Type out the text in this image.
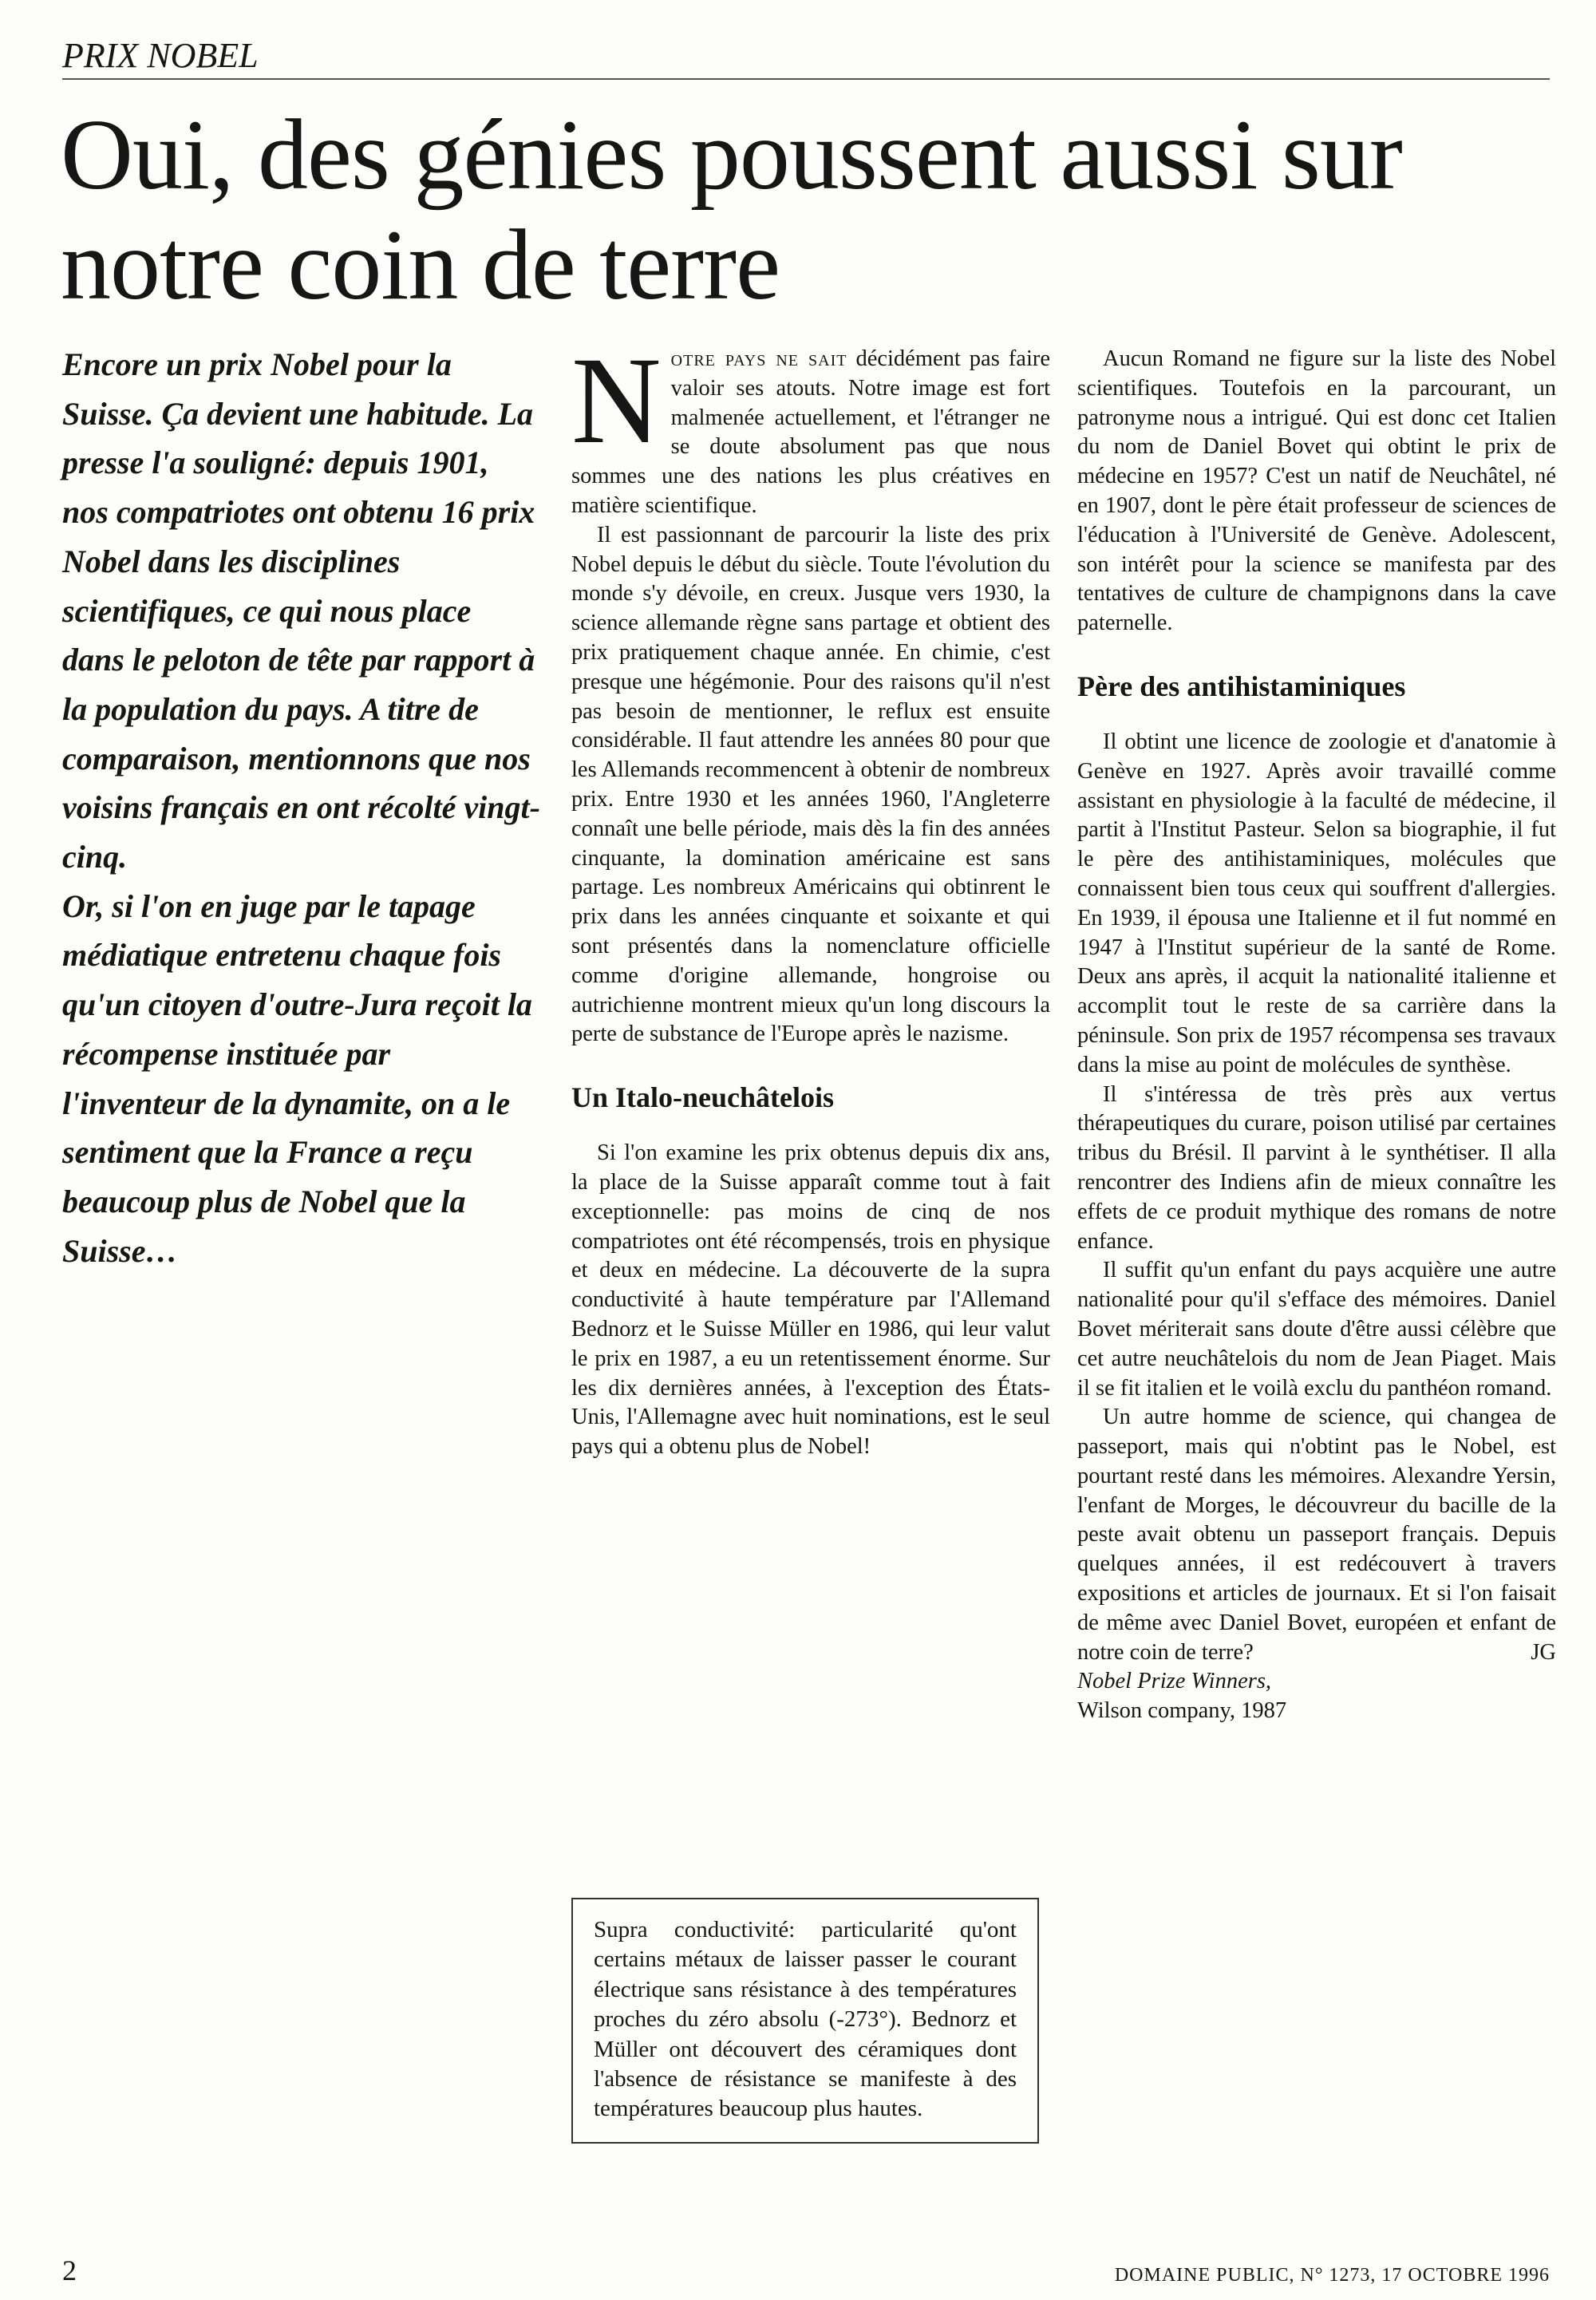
PRIX NOBEL
Oui, des génies poussent aussi sur notre coin de terre

Encore un prix Nobel pour la Suisse. Ça devient une habitude. La presse l'a souligné: depuis 1901, nos compatriotes ont obtenu 16 prix Nobel dans les disciplines scientifiques, ce qui nous place dans le peloton de tête par rapport à la population du pays. A titre de comparaison, mentionnons que nos voisins français en ont récolté vingt-cinq.

Or, si l'on en juge par le tapage médiatique entretenu chaque fois qu'un citoyen d'outre-Jura reçoit la récompense instituée par l'inventeur de la dynamite, on a le sentiment que la France a reçu beaucoup plus de Nobel que la Suisse…

Notre pays ne sait décidément pas faire valoir ses atouts. Notre image est fort malmenée actuellement, et l'étranger ne se doute absolument pas que nous sommes une des nations les plus créatives en matière scientifique.

Il est passionnant de parcourir la liste des prix Nobel depuis le début du siècle. Toute l'évolution du monde s'y dévoile, en creux. Jusque vers 1930, la science allemande règne sans partage et obtient des prix pratiquement chaque année. En chimie, c'est presque une hégémonie. Pour des raisons qu'il n'est pas besoin de mentionner, le reflux est ensuite considérable. Il faut attendre les années 80 pour que les Allemands recommencent à obtenir de nombreux prix. Entre 1930 et les années 1960, l'Angleterre connaît une belle période, mais dès la fin des années cinquante, la domination américaine est sans partage. Les nombreux Américains qui obtinrent le prix dans les années cinquante et soixante et qui sont présentés dans la nomenclature officielle comme d'origine allemande, hongroise ou autrichienne montrent mieux qu'un long discours la perte de substance de l'Europe après le nazisme.

Un Italo-neuchâtelois

Si l'on examine les prix obtenus depuis dix ans, la place de la Suisse apparaît comme tout à fait exceptionnelle: pas moins de cinq de nos compatriotes ont été récompensés, trois en physique et deux en médecine. La découverte de la supra conductivité à haute température par l'Allemand Bednorz et le Suisse Müller en 1986, qui leur valut le prix en 1987, a eu un retentissement énorme. Sur les dix dernières années, à l'exception des États-Unis, l'Allemagne avec huit nominations, est le seul pays qui a obtenu plus de Nobel!

Supra conductivité: particularité qu'ont certains métaux de laisser passer le courant électrique sans résistance à des températures proches du zéro absolu (-273°). Bednorz et Müller ont découvert des céramiques dont l'absence de résistance se manifeste à des températures beaucoup plus hautes.

Aucun Romand ne figure sur la liste des Nobel scientifiques. Toutefois en la parcourant, un patronyme nous a intrigué. Qui est donc cet Italien du nom de Daniel Bovet qui obtint le prix de médecine en 1957? C'est un natif de Neuchâtel, né en 1907, dont le père était professeur de sciences de l'éducation à l'Université de Genève. Adolescent, son intérêt pour la science se manifesta par des tentatives de culture de champignons dans la cave paternelle.

Père des antihistaminiques

Il obtint une licence de zoologie et d'anatomie à Genève en 1927. Après avoir travaillé comme assistant en physiologie à la faculté de médecine, il partit à l'Institut Pasteur. Selon sa biographie, il fut le père des antihistaminiques, molécules que connaissent bien tous ceux qui souffrent d'allergies. En 1939, il épousa une Italienne et il fut nommé en 1947 à l'Institut supérieur de la santé de Rome. Deux ans après, il acquit la nationalité italienne et accomplit tout le reste de sa carrière dans la péninsule. Son prix de 1957 récompensa ses travaux dans la mise au point de molécules de synthèse.

Il s'intéressa de très près aux vertus thérapeutiques du curare, poison utilisé par certaines tribus du Brésil. Il parvint à le synthétiser. Il alla rencontrer des Indiens afin de mieux connaître les effets de ce produit mythique des romans de notre enfance.

Il suffit qu'un enfant du pays acquière une autre nationalité pour qu'il s'efface des mémoires. Daniel Bovet mériterait sans doute d'être aussi célèbre que cet autre neuchâtelois du nom de Jean Piaget. Mais il se fit italien et le voilà exclu du panthéon romand.

Un autre homme de science, qui changea de passeport, mais qui n'obtint pas le Nobel, est pourtant resté dans les mémoires. Alexandre Yersin, l'enfant de Morges, le découvreur du bacille de la peste avait obtenu un passeport français. Depuis quelques années, il est redécouvert à travers expositions et articles de journaux. Et si l'on faisait de même avec Daniel Bovet, européen et enfant de notre coin de terre?	JG

Nobel Prize Winners,
Wilson company, 1987

2	DOMAINE PUBLIC, N° 1273, 17 OCTOBRE 1996
